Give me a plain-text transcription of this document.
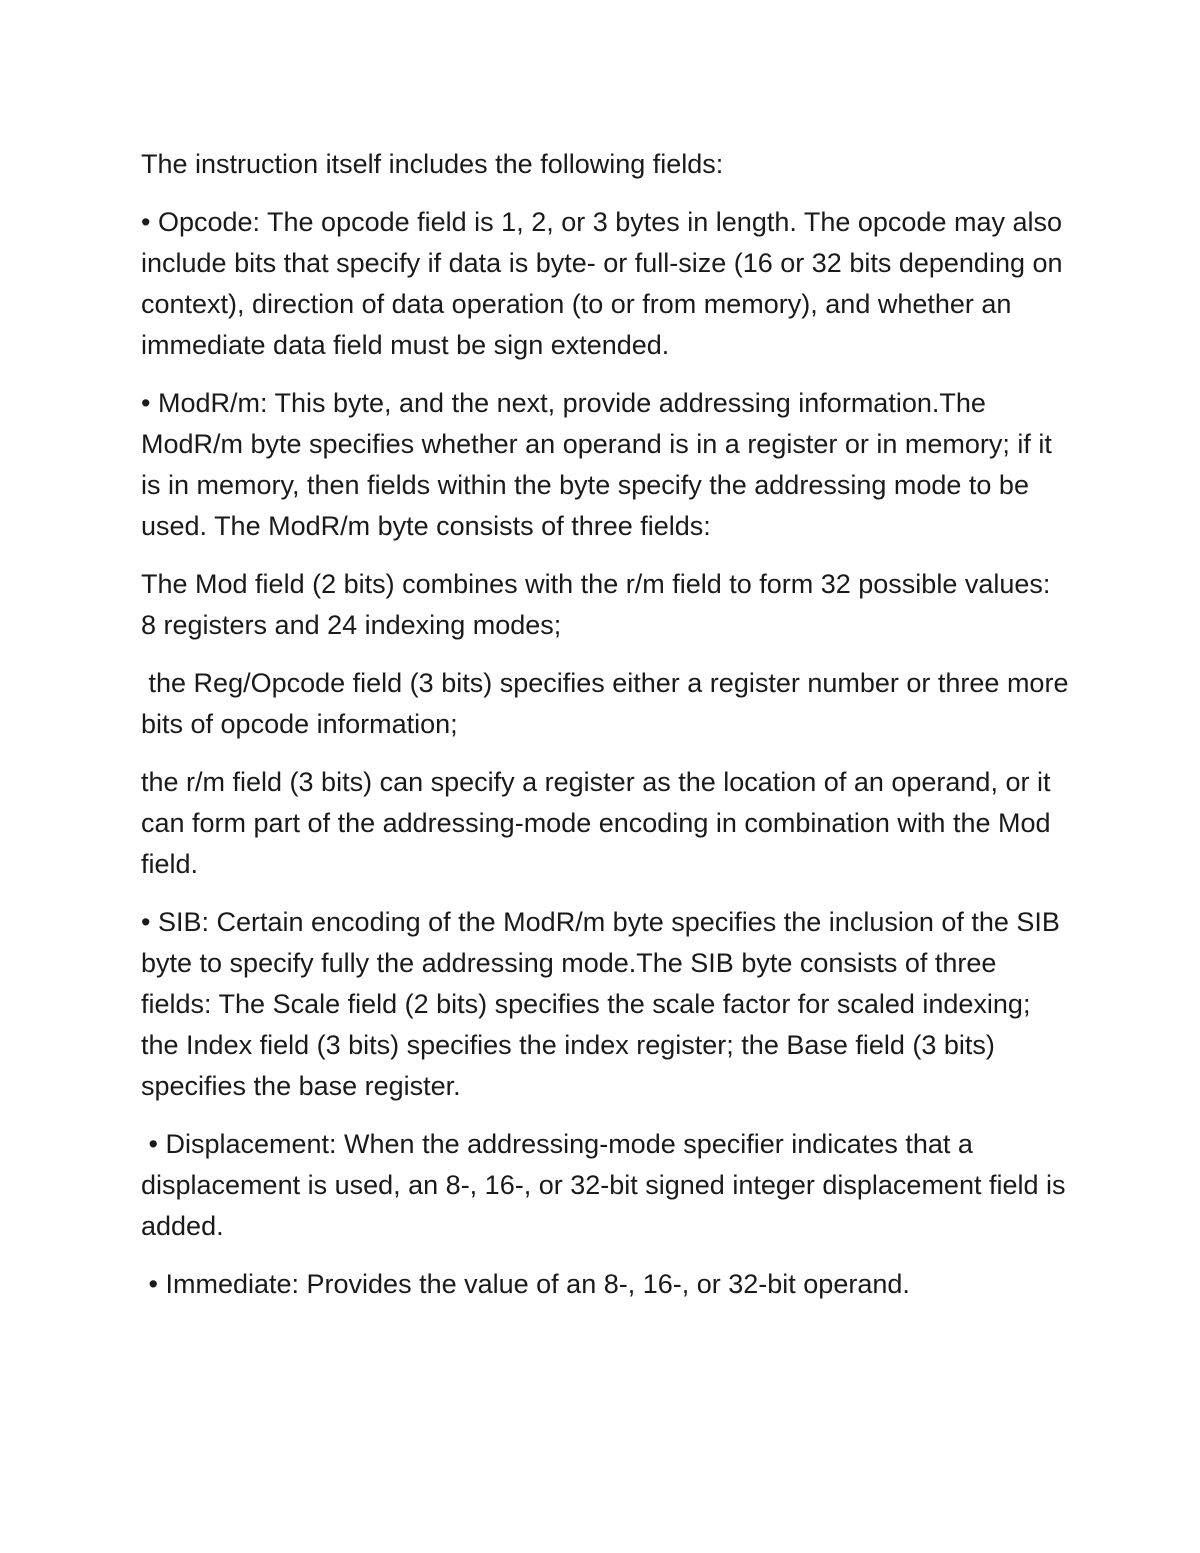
The instruction itself includes the following fields:

• Opcode: The opcode field is 1, 2, or 3 bytes in length. The opcode may also include bits that specify if data is byte- or full-size (16 or 32 bits depending on context), direction of data operation (to or from memory), and whether an immediate data field must be sign extended.

• ModR/m: This byte, and the next, provide addressing information.The ModR/m byte specifies whether an operand is in a register or in memory; if it is in memory, then fields within the byte specify the addressing mode to be used. The ModR/m byte consists of three fields:

The Mod field (2 bits) combines with the r/m field to form 32 possible values: 8 registers and 24 indexing modes;

the Reg/Opcode field (3 bits) specifies either a register number or three more bits of opcode information;

the r/m field (3 bits) can specify a register as the location of an operand, or it can form part of the addressing-mode encoding in combination with the Mod field.

• SIB: Certain encoding of the ModR/m byte specifies the inclusion of the SIB byte to specify fully the addressing mode.The SIB byte consists of three fields: The Scale field (2 bits) specifies the scale factor for scaled indexing; the Index field (3 bits) specifies the index register; the Base field (3 bits) specifies the base register.

• Displacement: When the addressing-mode specifier indicates that a displacement is used, an 8-, 16-, or 32-bit signed integer displacement field is added.

• Immediate: Provides the value of an 8-, 16-, or 32-bit operand.
